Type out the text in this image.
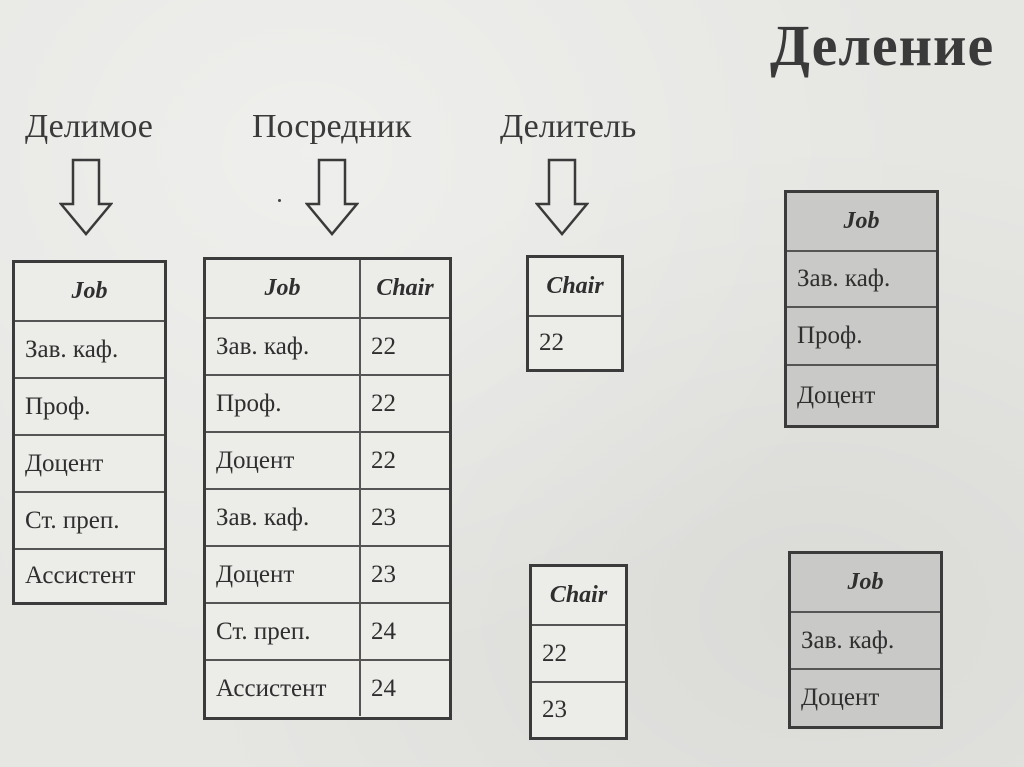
Деление
Делимое	Посредник	Делитель
Job
Зав. каф.
Проф.
Доцент
Ст. преп.
Ассистент
Job	Chair
Зав. каф.	22
Проф.	22
Доцент	22
Зав. каф.	23
Доцент	23
Ст. преп.	24
Ассистент	24
Chair
22
Chair
22
23
Job
Зав. каф.
Проф.
Доцент
Job
Зав. каф.
Доцент
